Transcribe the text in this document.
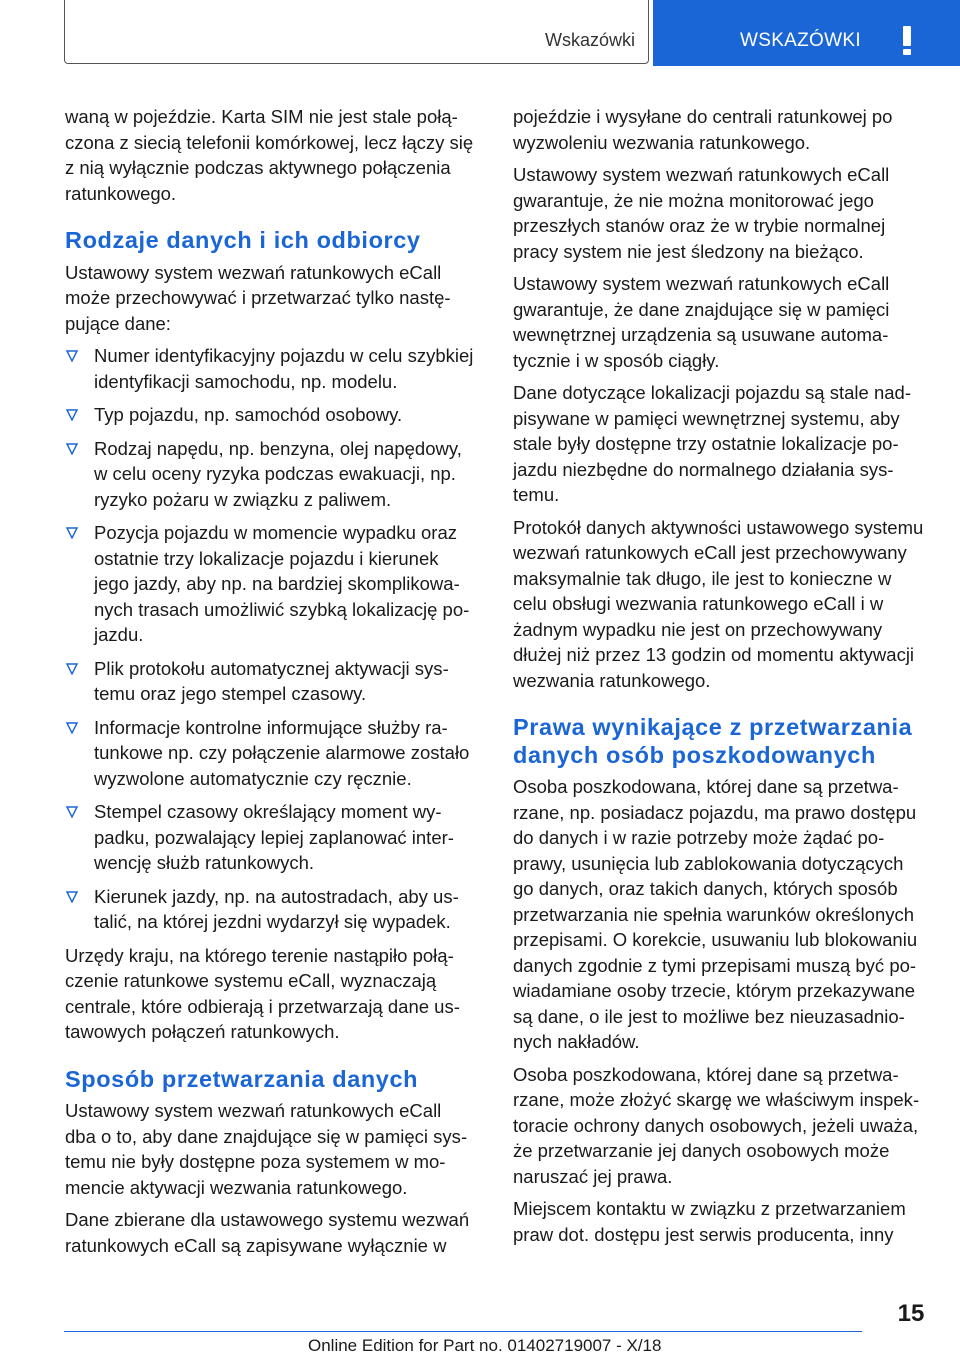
Wskazówki	WSKAZÓWKI

waną w pojeździe. Karta SIM nie jest stale połączona z siecią telefonii komórkowej, lecz łączy się z nią wyłącznie podczas aktywnego połączenia ratunkowego.

Rodzaje danych i ich odbiorcy

Ustawowy system wezwań ratunkowych eCall może przechowywać i przetwarzać tylko następujące dane:

Numer identyfikacyjny pojazdu w celu szybkiej identyfikacji samochodu, np. modelu.
Typ pojazdu, np. samochód osobowy.
Rodzaj napędu, np. benzyna, olej napędowy, w celu oceny ryzyka podczas ewakuacji, np. ryzyko pożaru w związku z paliwem.
Pozycja pojazdu w momencie wypadku oraz ostatnie trzy lokalizacje pojazdu i kierunek jego jazdy, aby np. na bardziej skomplikowanych trasach umożliwić szybką lokalizację pojazdu.
Plik protokołu automatycznej aktywacji systemu oraz jego stempel czasowy.
Informacje kontrolne informujące służby ratunkowe np. czy połączenie alarmowe zostało wyzwolone automatycznie czy ręcznie.
Stempel czasowy określający moment wypadku, pozwalający lepiej zaplanować interwencję służb ratunkowych.
Kierunek jazdy, np. na autostradach, aby ustalić, na której jezdni wydarzył się wypadek.

Urzędy kraju, na którego terenie nastąpiło połączenie ratunkowe systemu eCall, wyznaczają centrale, które odbierają i przetwarzają dane ustawowych połączeń ratunkowych.

Sposób przetwarzania danych

Ustawowy system wezwań ratunkowych eCall dba o to, aby dane znajdujące się w pamięci systemu nie były dostępne poza systemem w momencie aktywacji wezwania ratunkowego.

Dane zbierane dla ustawowego systemu wezwań ratunkowych eCall są zapisywane wyłącznie w

pojeździe i wysyłane do centrali ratunkowej po wyzwoleniu wezwania ratunkowego.

Ustawowy system wezwań ratunkowych eCall gwarantuje, że nie można monitorować jego przeszłych stanów oraz że w trybie normalnej pracy system nie jest śledzony na bieżąco.

Ustawowy system wezwań ratunkowych eCall gwarantuje, że dane znajdujące się w pamięci wewnętrznej urządzenia są usuwane automatycznie i w sposób ciągły.

Dane dotyczące lokalizacji pojazdu są stale nadpisywane w pamięci wewnętrznej systemu, aby stale były dostępne trzy ostatnie lokalizacje pojazdu niezbędne do normalnego działania systemu.

Protokół danych aktywności ustawowego systemu wezwań ratunkowych eCall jest przechowywany maksymalnie tak długo, ile jest to konieczne w celu obsługi wezwania ratunkowego eCall i w żadnym wypadku nie jest on przechowywany dłużej niż przez 13 godzin od momentu aktywacji wezwania ratunkowego.

Prawa wynikające z przetwarzania danych osób poszkodowanych

Osoba poszkodowana, której dane są przetwarzane, np. posiadacz pojazdu, ma prawo dostępu do danych i w razie potrzeby może żądać poprawy, usunięcia lub zablokowania dotyczących go danych, oraz takich danych, których sposób przetwarzania nie spełnia warunków określonych przepisami. O korekcie, usuwaniu lub blokowaniu danych zgodnie z tymi przepisami muszą być powiadamiane osoby trzecie, którym przekazywane są dane, o ile jest to możliwe bez nieuzasadnionych nakładów.

Osoba poszkodowana, której dane są przetwarzane, może złożyć skargę we właściwym inspektoracie ochrony danych osobowych, jeżeli uważa, że przetwarzanie jej danych osobowych może naruszać jej prawa.

Miejscem kontaktu w związku z przetwarzaniem praw dot. dostępu jest serwis producenta, inny

15
Online Edition for Part no. 01402719007 - X/18
